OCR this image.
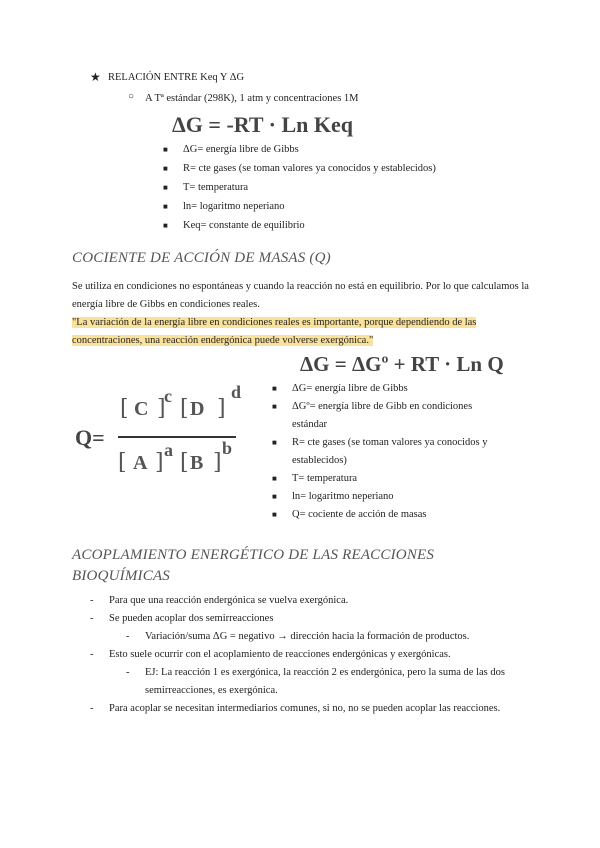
★ RELACIÓN ENTRE Keq Y ΔG
○ A Tª estándar (298K), 1 atm y concentraciones 1M
ΔG = -RT · Ln Keq
■ ΔG= energía libre de Gibbs
■ R= cte gases (se toman valores ya conocidos y establecidos)
■ T= temperatura
■ ln= logaritmo neperiano
■ Keq= constante de equilibrio
COCIENTE DE ACCIÓN DE MASAS (Q)
Se utiliza en condiciones no espontáneas y cuando la reacción no está en equilibrio. Por lo que calculamos la energía libre de Gibbs en condiciones reales.
"La variación de la energía libre en condiciones reales es importante, porque dependiendo de las concentraciones, una reacción endergónica puede volverse exergónica."
ΔG = ΔGº + RT · Ln Q
Q=
[ C ]
c [ D ]
d
[ A ] a [ B ]
b
■ ΔG= energía libre de Gibbs
■ ΔGº= energía libre de Gibb en condiciones
estándar
■ R= cte gases (se toman valores ya conocidos y
establecidos)
■ T= temperatura
■ ln= logaritmo neperiano
■ Q= cociente de acción de masas
ACOPLAMIENTO ENERGÉTICO DE LAS REACCIONES
BIOQUÍMICAS
- Para que una reacción endergónica se vuelva exergónica.
- Se pueden acoplar dos semirreacciones
- Variación/suma ΔG = negativo → dirección hacia la formación de productos.
- Esto suele ocurrir con el acoplamiento de reacciones endergónicas y exergónicas.
- EJ: La reacción 1 es exergónica, la reacción 2 es endergónica, pero la suma de las dos
semirreacciones, es exergónica.
- Para acoplar se necesitan intermediarios comunes, si no, no se pueden acoplar las reacciones.
